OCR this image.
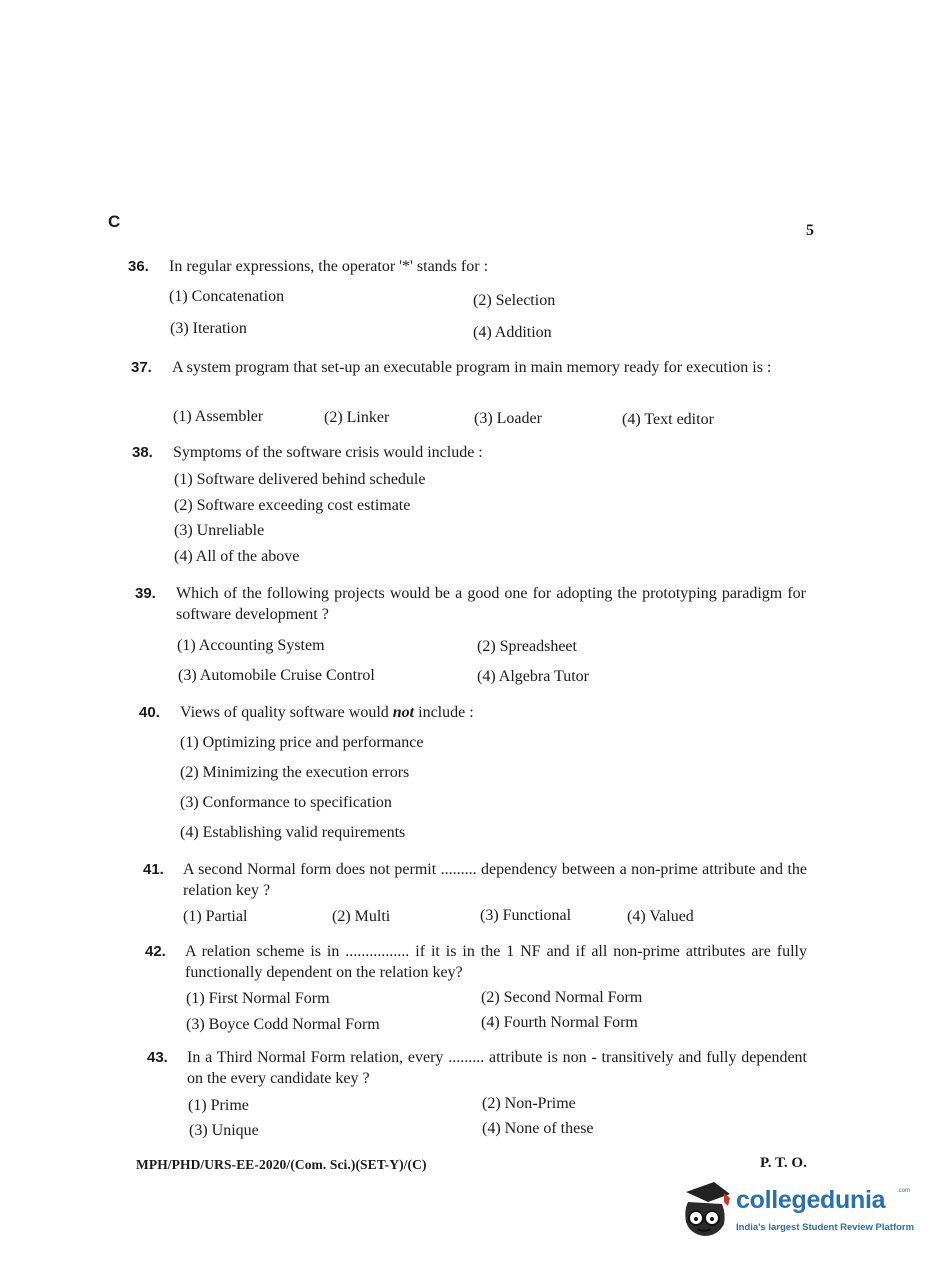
C	5
36. In regular expressions, the operator '*' stands for :
(1) Concatenation	(2) Selection
(3) Iteration	(4) Addition
37. A system program that set-up an executable program in main memory ready for execution is :
(1) Assembler	(2) Linker	(3) Loader	(4) Text editor
38. Symptoms of the software crisis would include :
(1) Software delivered behind schedule
(2) Software exceeding cost estimate
(3) Unreliable
(4) All of the above
39. Which of the following projects would be a good one for adopting the prototyping paradigm for software development ?
(1) Accounting System	(2) Spreadsheet
(3) Automobile Cruise Control	(4) Algebra Tutor
40. Views of quality software would not include :
(1) Optimizing price and performance
(2) Minimizing the execution errors
(3) Conformance to specification
(4) Establishing valid requirements
41. A second Normal form does not permit ......... dependency between a non-prime attribute and the relation key ?
(1) Partial	(2) Multi	(3) Functional	(4) Valued
42. A relation scheme is in ................ if it is in the 1 NF and if all non-prime attributes are fully functionally dependent on the relation key?
(1) First Normal Form	(2) Second Normal Form
(3) Boyce Codd Normal Form	(4) Fourth Normal Form
43. In a Third Normal Form relation, every ......... attribute is non - transitively and fully dependent on the every candidate key ?
(1) Prime	(2) Non-Prime
(3) Unique	(4) None of these
MPH/PHD/URS-EE-2020/(Com. Sci.)(SET-Y)/(C)	P. T. O.
collegedunia .com
India's largest Student Review Platform
